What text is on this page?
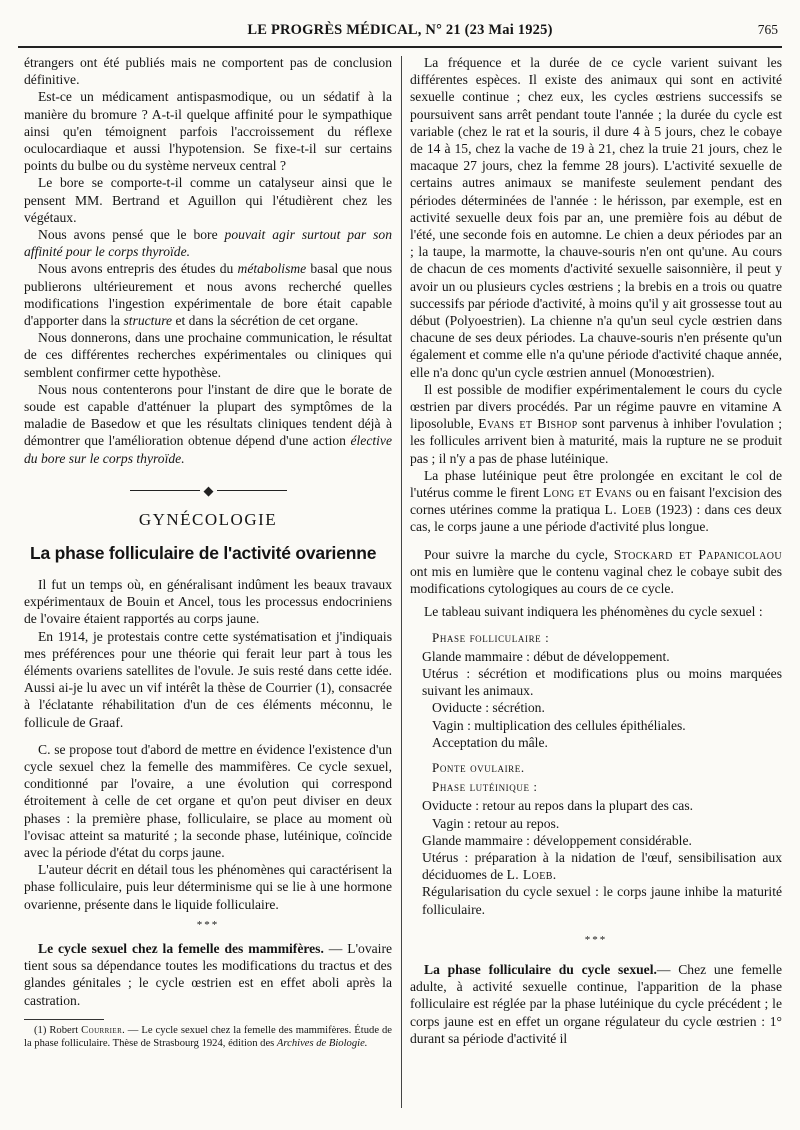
LE PROGRÈS MÉDICAL, N° 21 (23 Mai 1925)	765

étrangers ont été publiés mais ne comportent pas de conclusion définitive.

Est-ce un médicament antispasmodique, ou un sédatif à la manière du bromure ? A-t-il quelque affinité pour le sympathique ainsi qu'en témoignent parfois l'accroissement du réflexe oculocardiaque et aussi l'hypotension. Se fixe-t-il sur certains points du bulbe ou du système nerveux central ?

Le bore se comporte-t-il comme un catalyseur ainsi que le pensent MM. Bertrand et Aguillon qui l'étudièrent chez les végétaux.

Nous avons pensé que le bore pouvait agir surtout par son affinité pour le corps thyroïde.

Nous avons entrepris des études du métabolisme basal que nous publierons ultérieurement et nous avons recherché quelles modifications l'ingestion expérimentale de bore était capable d'apporter dans la structure et dans la sécrétion de cet organe.

Nous donnerons, dans une prochaine communication, le résultat de ces différentes recherches expérimentales ou cliniques qui semblent confirmer cette hypothèse.

Nous nous contenterons pour l'instant de dire que le borate de soude est capable d'atténuer la plupart des symptômes de la maladie de Basedow et que les résultats cliniques tendent déjà à démontrer que l'amélioration obtenue dépend d'une action élective du bore sur le corps thyroïde.

◆
GYNÉCOLOGIE
La phase folliculaire de l'activité ovarienne

Il fut un temps où, en généralisant indûment les beaux travaux expérimentaux de Bouin et Ancel, tous les processus endocriniens de l'ovaire étaient rapportés au corps jaune.

En 1914, je protestais contre cette systématisation et j'indiquais mes préférences pour une théorie qui ferait leur part à tous les éléments ovariens satellites de l'ovule. Je suis resté dans cette idée. Aussi ai-je lu avec un vif intérêt la thèse de Courrier (1), consacrée à l'éclatante réhabilitation d'un de ces éléments méconnu, le follicule de Graaf.

C. se propose tout d'abord de mettre en évidence l'existence d'un cycle sexuel chez la femelle des mammifères. Ce cycle sexuel, conditionné par l'ovaire, a une évolution qui correspond étroitement à celle de cet organe et qu'on peut diviser en deux phases : la première phase, folliculaire, se place au moment où l'ovisac atteint sa maturité ; la seconde phase, lutéinique, coïncide avec la période d'état du corps jaune.

L'auteur décrit en détail tous les phénomènes qui caractérisent la phase folliculaire, puis leur déterminisme qui se lie à une hormone ovarienne, présente dans le liquide folliculaire.

***

Le cycle sexuel chez la femelle des mammifères. — L'ovaire tient sous sa dépendance toutes les modifications du tractus et des glandes génitales ; le cycle œstrien est en effet aboli après la castration.

(1) Robert Courrier. — Le cycle sexuel chez la femelle des mammifères. Étude de la phase folliculaire. Thèse de Strasbourg 1924, édition des Archives de Biologie.

La fréquence et la durée de ce cycle varient suivant les différentes espèces. Il existe des animaux qui sont en activité sexuelle continue ; chez eux, les cycles œstriens successifs se poursuivent sans arrêt pendant toute l'année ; la durée du cycle est variable (chez le rat et la souris, il dure 4 à 5 jours, chez le cobaye de 14 à 15, chez la vache de 19 à 21, chez la truie 21 jours, chez le macaque 27 jours, chez la femme 28 jours). L'activité sexuelle de certains autres animaux se manifeste seulement pendant des périodes déterminées de l'année : le hérisson, par exemple, est en activité sexuelle deux fois par an, une première fois au début de l'été, une seconde fois en automne. Le chien a deux périodes par an ; la taupe, la marmotte, la chauve-souris n'en ont qu'une. Au cours de chacun de ces moments d'activité sexuelle saisonnière, il peut y avoir un ou plusieurs cycles œstriens ; la brebis en a trois ou quatre successifs par période d'activité, à moins qu'il y ait grossesse tout au début (Polyoestrien). La chienne n'a qu'un seul cycle œstrien dans chacune de ses deux périodes. La chauve-souris n'en présente qu'un également et comme elle n'a qu'une période d'activité chaque année, elle n'a donc qu'un cycle œstrien annuel (Monoœstrien).

Il est possible de modifier expérimentalement le cours du cycle œstrien par divers procédés. Par un régime pauvre en vitamine A liposoluble, Evans et Bishop sont parvenus à inhiber l'ovulation ; les follicules arrivent bien à maturité, mais la rupture ne se produit pas ; il n'y a pas de phase lutéinique.

La phase lutéinique peut être prolongée en excitant le col de l'utérus comme le firent Long et Evans ou en faisant l'excision des cornes utérines comme la pratiqua L. Loeb (1923) : dans ces deux cas, le corps jaune a une période d'activité plus longue.

Pour suivre la marche du cycle, Stockard et Papanicolaou ont mis en lumière que le contenu vaginal chez le cobaye subit des modifications cytologiques au cours de ce cycle.

Le tableau suivant indiquera les phénomènes du cycle sexuel :

Phase folliculaire :

Glande mammaire : début de développement.

Utérus : sécrétion et modifications plus ou moins marquées suivant les animaux.

Oviducte : sécrétion.

Vagin : multiplication des cellules épithéliales.

Acceptation du mâle.

Ponte ovulaire.
Phase lutéinique :

Oviducte : retour au repos dans la plupart des cas.

Vagin : retour au repos.

Glande mammaire : développement considérable.

Utérus : préparation à la nidation de l'œuf, sensibilisation aux déciduomes de L. Loeb.

Régularisation du cycle sexuel : le corps jaune inhibe la maturité folliculaire.

***

La phase folliculaire du cycle sexuel.— Chez une femelle adulte, à activité sexuelle continue, l'apparition de la phase folliculaire est réglée par la phase lutéinique du cycle précédent ; le corps jaune est en effet un organe régulateur du cycle œstrien : 1° durant sa période d'activité il
